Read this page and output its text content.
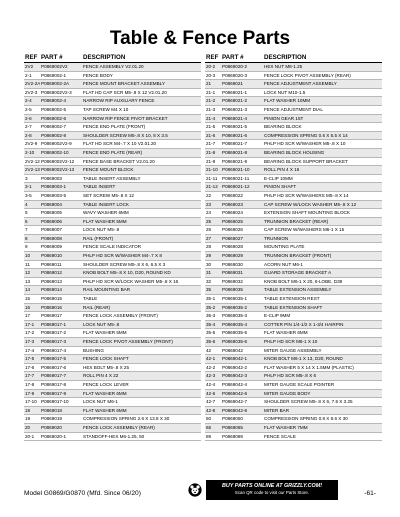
Table & Fence Parts
REF	PART #	DESCRIPTION
2V2	P0869002V2	FENCE ASSEMBLY V2.01.20
2-1	P0869002-1	FENCE BODY
2V2-2A	P0869002-2A	FENCE MOUNT BRACKET ASSEMBLY
2V2-3	P0869002V2-3	FLAT HD CAP SCR M5-.8 X 12 V2.01.20
2-4	P0869002-4	NARROW RIP AUXILIARY FENCE
2-5	P0869002-5	TAP SCREW M4 X 10
2-6	P0869002-6	NARROW RIP FENCE PIVOT BRACKET
2-7	P0869002-7	FENCE END PLATE (FRONT)
2-8	P0869002-8	SHOULDER SCREW M5-.8 X 10, 8 X 3.5
2V2-9	P0869002V2-9	FLAT HD SCR M4-.7 X 10 V2.01.20
2-10	P0869002-10	FENCE END PLATE (REAR)
2V2-12	P0869002V2-12	FENCE BASE BRACKET V2.01.20
2V2-13	P0869002V2-13	FENCE MOUNT BLOCK
3	P0869003	TABLE INSERT ASSEMBLY
3-1	P0869003-1	TABLE INSERT
3-5	P0869003-5	SET SCREW M5-.8 X 12
4	P0869004	TABLE INSERT LOCK
5	P0869005	WAVY WASHER 6MM
6	P0869006	FLAT WASHER 5MM
7	P0869007	LOCK NUT M5-.8
8	P0869008	RAIL (FRONT)
9	P0869009	FENCE SCALE INDICATOR
10	P0869010	PHLP HD SCR W/WASHER M4-.7 X 8
11	P0869011	SHOULDER SCREW M5-.8 X 6, 6.5 X 3
12	P0869012	KNOB BOLT M5-.8 X 10, D20, ROUND KD
13	P0869013	PHLP HD SCR W/LOCK WASHER M5-.8 X 16
14	P0869014	RAIL MOUNTING BAR
15	P0869015	TABLE
16	P0869016	RAIL (REAR)
17	P0869017	FENCE LOCK ASSEMBLY (FRONT)
17-1	P0869017-1	LOCK NUT M5-.8
17-2	P0869017-2	FLAT WASHER 5MM
17-3	P0869017-3	FENCE LOCK PIVOT ASSEMBLY (FRONT)
17-4	P0869017-4	BUSHING
17-5	P0869017-5	FENCE LOCK SHAFT
17-6	P0869017-6	HEX BOLT M5-.8 X 25
17-7	P0869017-7	ROLL PIN 4 X 22
17-8	P0869017-8	FENCE LOCK LEVER
17-9	P0869017-9	FLAT WASHER 6MM
17-10	P0869017-10	LOCK NUT M6-1
18	P0869018	FLAT WASHER 6MM
19	P0869019	COMPRESSION SPRING 2.6 X 13.8 X 30
20	P0869020	FENCE LOCK ASSEMBLY (REAR)
20-1	P0869020-1	STANDOFF-HEX M6-1.25, 50
REF	PART #	DESCRIPTION
20-2	P0869020-2	HEX NUT M8-1.25
20-3	P0869020-3	FENCE LOCK PIVOT ASSEMBLY (REAR)
21	P0869021	FENCE ADJUSTMENT ASSEMBLY
21-1	P0869021-1	LOCK NUT M10-1.5
21-2	P0869021-2	FLAT WASHER 10MM
21-3	P0869021-3	FENCE ADJUSTMENT DIAL
21-4	P0869021-4	PINION GEAR 15T
21-5	P0869021-5	BEARING BLOCK
21-6	P0869021-6	COMPRESSION SPRING 0.6 X 5.5 X 14
21-7	P0869021-7	PHLP HD SCR W/WASHER M5-.8 X 10
21-8	P0869021-8	BEARING BLOCK HOUSING
21-9	P0869021-9	BEARING BLOCK SUPPORT BRACKET
21-10	P0869021-10	ROLL PIN 4 X 16
21-11	P0869021-11	E-CLIP 10MM
21-12	P0869021-12	PINION SHAFT
22	P0869022	PHLP HD SCR W/WASHERS M5-.8 X 14
23	P0869023	CAP SCREW W/LOCK WASHER M5-.8 X 12
24	P0869024	EXTENSION SHAFT MOUNTING BLOCK
25	P0869025	TRUNNION BRACKET (REAR)
26	P0869026	CAP SCREW W/WASHERS M6-1 X 15
27	P0869027	TRUNNION
28	P0869028	MOUNTING PLATE
29	P0869029	TRUNNION BRACKET (FRONT)
30	P0869030	ACORN NUT M6-1
31	P0869031	GUARD STORAGE BRACKET A
32	P0869032	KNOB BOLT M6-1 X 20, 6-LOBE, D38
35	P0869035	TABLE EXTENSION ASSEMBLY
35-1	P0869035-1	TABLE EXTENSION REST
35-2	P0869035-2	TABLE EXTENSION SHAFT
35-3	P0869035-3	E-CLIP 9MM
35-4	P0869035-4	COTTER PIN 1/4-1/2 X 1-3/4 HAIRPIN
35-5	P0869035-5	FLAT WASHER 6MM
35-6	P0869035-6	PHLP HD SCR M6-1 X 10
42	P0869042	MITER GAUGE ASSEMBLY
42-1	P0869042-1	KNOB BOLT M6-1 X 13, D20, ROUND
42-2	P0869042-2	FLAT WASHER 5 X 14 X 1.5MM (PLASTIC)
42-3	P0869042-3	PHLP HD SCR M5-.8 X 6
42-4	P0869042-4	MITER GAUGE SCALE POINTER
42-6	P0869042-6	MITER GAUGE BODY
42-7	P0869042-7	SHOULDER SCREW M5-.8 X 6, 7.5 X 3.25
42-8	P0869042-8	MITER BAR
50	P0869050	COMPRESSION SPRING 0.8 X 8.6 X 30
65	P0869065	FLAT WASHER 7MM
89	P0869089	FENCE SCALE
Model G0869/G0870 (Mfd. Since 06/20)
BUY PARTS ONLINE AT GRIZZLY.COM!
Scan QR code to visit our Parts Store.	-61-
